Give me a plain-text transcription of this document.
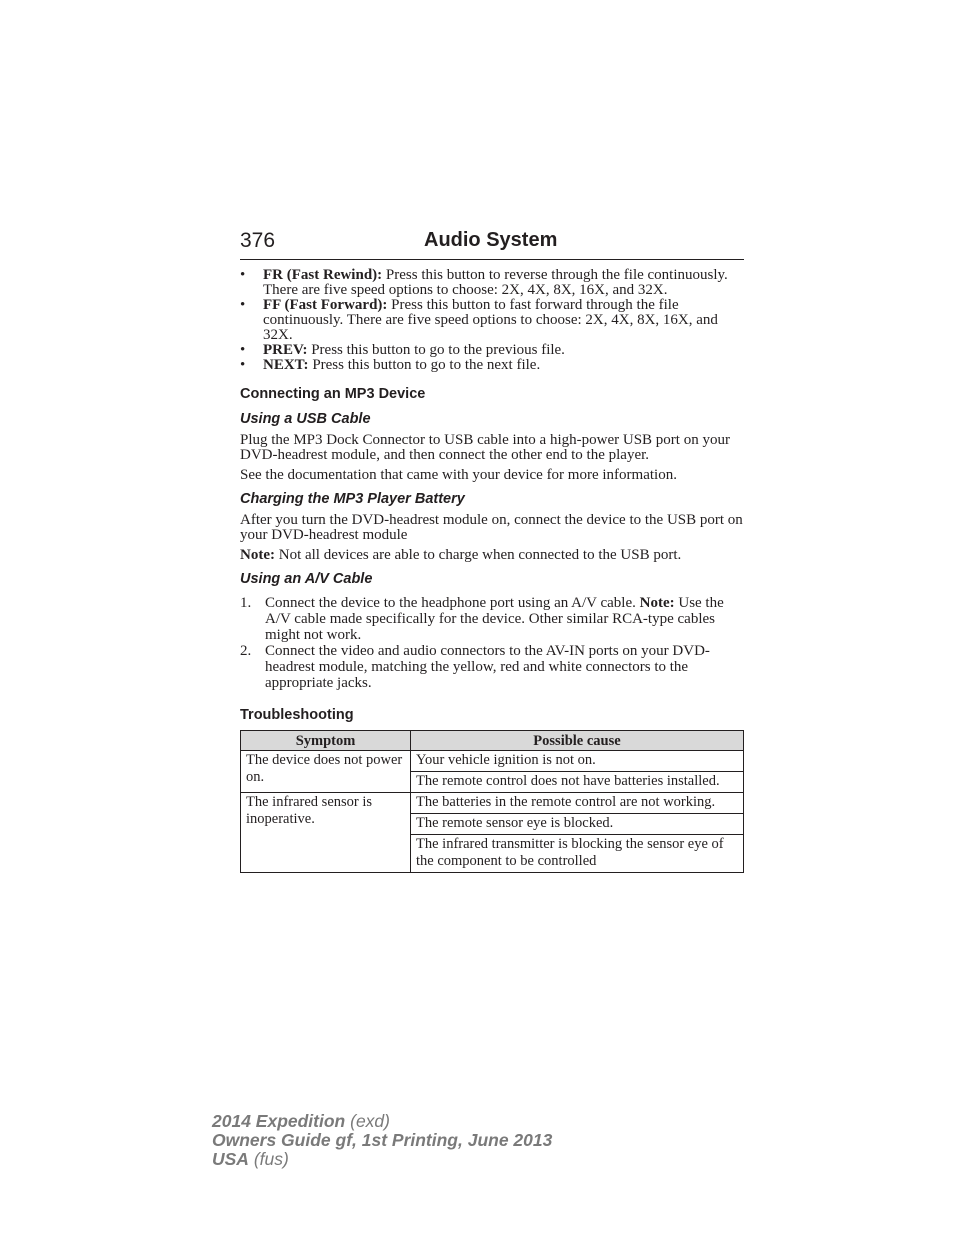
376	Audio System
• FR (Fast Rewind): Press this button to reverse through the file continuously. There are five speed options to choose: 2X, 4X, 8X, 16X, and 32X.
• FF (Fast Forward): Press this button to fast forward through the file continuously. There are five speed options to choose: 2X, 4X, 8X, 16X, and 32X.
• PREV: Press this button to go to the previous file.
• NEXT: Press this button to go to the next file.
Connecting an MP3 Device
Using a USB Cable
Plug the MP3 Dock Connector to USB cable into a high-power USB port on your DVD-headrest module, and then connect the other end to the player.
See the documentation that came with your device for more information.
Charging the MP3 Player Battery
After you turn the DVD-headrest module on, connect the device to the USB port on your DVD-headrest module
Note: Not all devices are able to charge when connected to the USB port.
Using an A/V Cable
1. Connect the device to the headphone port using an A/V cable. Note: Use the A/V cable made specifically for the device. Other similar RCA-type cables might not work.
2. Connect the video and audio connectors to the AV-IN ports on your DVD-headrest module, matching the yellow, red and white connectors to the appropriate jacks.
Troubleshooting
Symptom	Possible cause
The device does not power on.	Your vehicle ignition is not on.
	The remote control does not have batteries installed.
The infrared sensor is inoperative.	The batteries in the remote control are not working.
	The remote sensor eye is blocked.
	The infrared transmitter is blocking the sensor eye of the component to be controlled
2014 Expedition (exd)
Owners Guide gf, 1st Printing, June 2013
USA (fus)
